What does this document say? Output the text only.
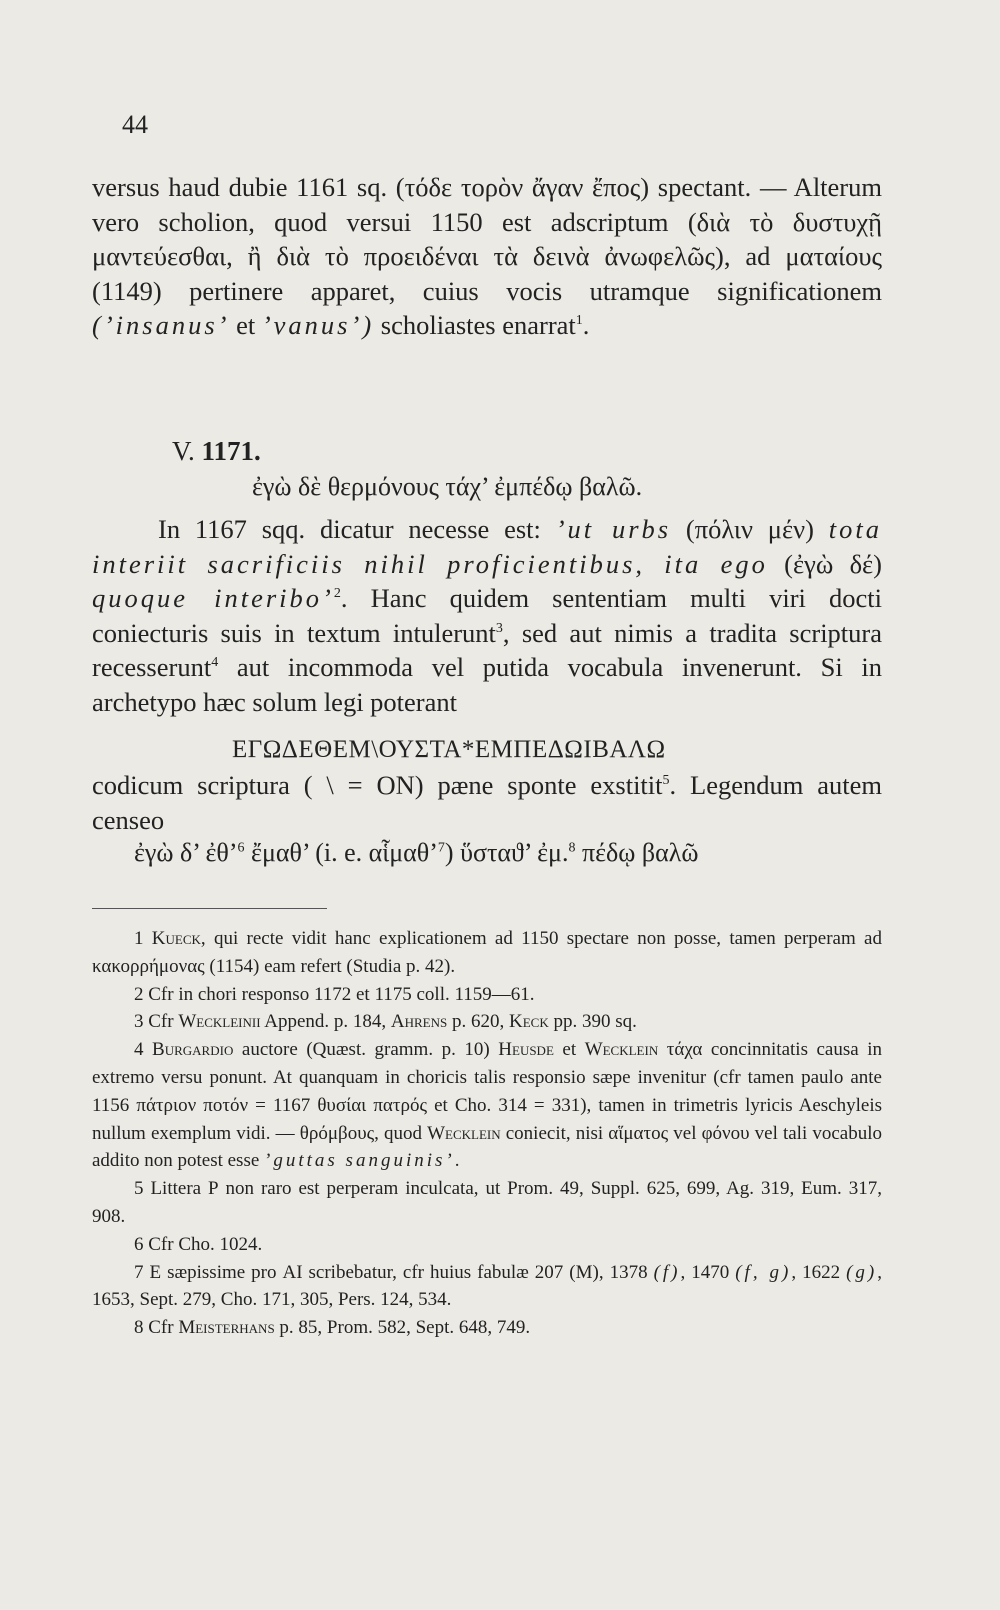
44

versus haud dubie 1161 sq. (τόδε τορὸν ἄγαν ἔπος) spectant. — Alterum vero scholion, quod versui 1150 est adscriptum (διὰ τὸ δυστυχῇ μαντεύεσθαι, ἢ διὰ τὸ προειδέναι τὰ δεινὰ ἀνωφελῶς), ad ματαίους (1149) pertinere apparet, cuius vocis utramque significationem (’insanus’ et ’vanus’) scholiastes enarrat$^1$.

V. 1171.
ἐγὼ δὲ θερμόνους τάχ’ ἐμπέδῳ βαλῶ.

In 1167 sqq. dicatur necesse est: ’ut urbs (πόλιν μέν) tota interiit sacrificiis nihil proficientibus, ita ego (ἐγὼ δέ) quoque interibo’$^2$. Hanc quidem sententiam multi viri docti coniecturis suis in textum intulerunt$^3$, sed aut nimis a tradita scriptura recesserunt$^4$ aut incommoda vel putida vocabula invenerunt. Si in archetypo hæc solum legi poterant

ΕΓΩΔΕΘΕΜ\ΟΥΣΤΑ*ΕΜΠΕΔΩΙΒΑΛΩ

codicum scriptura ( \ = ΟΝ) pæne sponte exstitit$^5$. Legendum autem censeo

ἐγὼ δ’ ἐθ’$^6$ ἔμαθ’ (i. e. αἷμαθ’$^7$) ὕσταϑ’ ἐμ.$^8$ πέδῳ βαλῶ

1 Kueck, qui recte vidit hanc explicationem ad 1150 spectare non posse, tamen perperam ad κακορρήμονας (1154) eam refert (Studia p. 42).

2 Cfr in chori responso 1172 et 1175 coll. 1159—61.

3 Cfr Weckleinii Append. p. 184, Ahrens p. 620, Keck pp. 390 sq.

4 Burgardio auctore (Quæst. gramm. p. 10) Heusde et Wecklein τάχα concinnitatis causa in extremo versu ponunt. At quanquam in choricis talis responsio sæpe invenitur (cfr tamen paulo ante 1156 πάτριον ποτόν = 1167 θυσίαι πατρός et Cho. 314 = 331), tamen in trimetris lyricis Aeschyleis nullum exemplum vidi. — θρόμβους, quod Wecklein coniecit, nisi αἵματος vel φόνου vel tali vocabulo addito non potest esse ’guttas sanguinis’.

5 Littera Ρ non raro est perperam inculcata, ut Prom. 49, Suppl. 625, 699, Ag. 319, Eum. 317, 908.

6 Cfr Cho. 1024.

7 Ε sæpissime pro ΑΙ scribebatur, cfr huius fabulæ 207 (M), 1378 (f), 1470 (f, g), 1622 (g), 1653, Sept. 279, Cho. 171, 305, Pers. 124, 534.

8 Cfr Meisterhans p. 85, Prom. 582, Sept. 648, 749.
